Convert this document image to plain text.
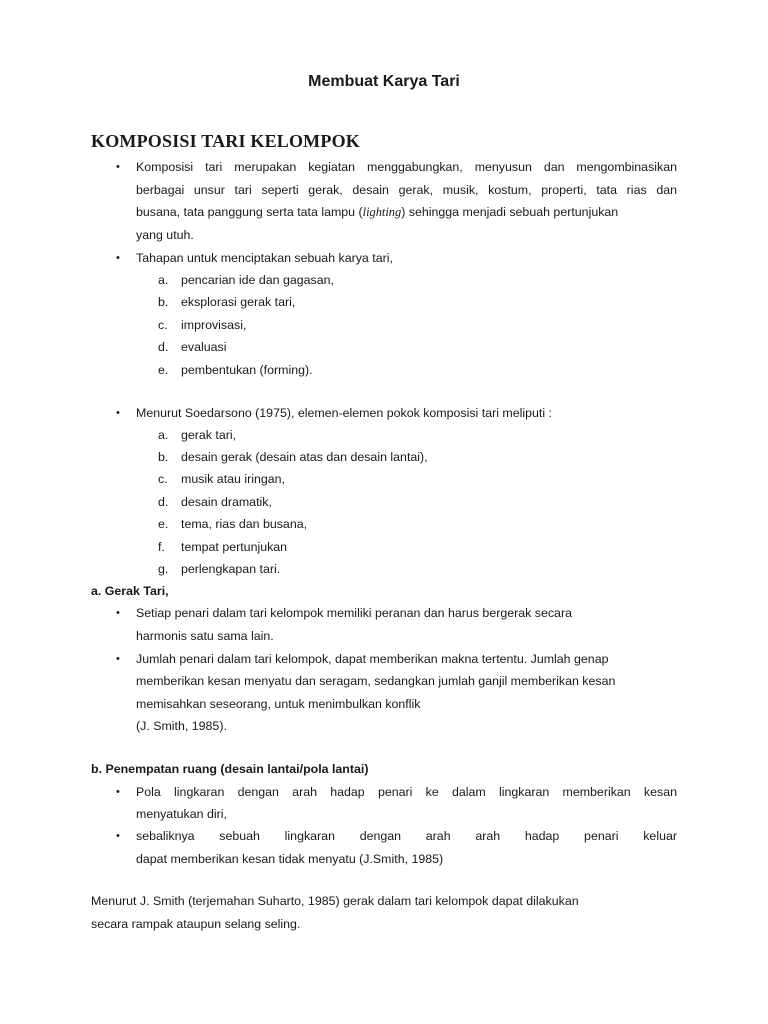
Membuat Karya Tari
KOMPOSISI TARI KELOMPOK
• Komposisi tari merupakan kegiatan menggabungkan, menyusun dan mengombinasikan
berbagai unsur tari seperti gerak, desain gerak, musik, kostum, properti, tata rias dan
busana, tata panggung serta tata lampu (lighting) sehingga menjadi sebuah pertunjukan
yang utuh.
• Tahapan untuk menciptakan sebuah karya tari,
a. pencarian ide dan gagasan,
b. eksplorasi gerak tari,
c. improvisasi,
d. evaluasi
e. pembentukan (forming).
• Menurut Soedarsono (1975), elemen-elemen pokok komposisi tari meliputi :
a. gerak tari,
b. desain gerak (desain atas dan desain lantai),
c. musik atau iringan,
d. desain dramatik,
e. tema, rias dan busana,
f. tempat pertunjukan
g. perlengkapan tari.
a. Gerak Tari,
• Setiap penari dalam tari kelompok memiliki peranan dan harus bergerak secara
harmonis satu sama lain.
• Jumlah penari dalam tari kelompok, dapat memberikan makna tertentu. Jumlah genap
memberikan kesan menyatu dan seragam, sedangkan jumlah ganjil memberikan kesan
memisahkan seseorang, untuk menimbulkan konflik
(J. Smith, 1985).
b. Penempatan ruang (desain lantai/pola lantai)
• Pola lingkaran dengan arah hadap penari ke dalam lingkaran memberikan kesan
menyatukan diri,
• sebaliknya sebuah lingkaran dengan arah arah hadap penari keluar
dapat memberikan kesan tidak menyatu (J.Smith, 1985)
Menurut J. Smith (terjemahan Suharto, 1985) gerak dalam tari kelompok dapat dilakukan
secara rampak ataupun selang seling.
